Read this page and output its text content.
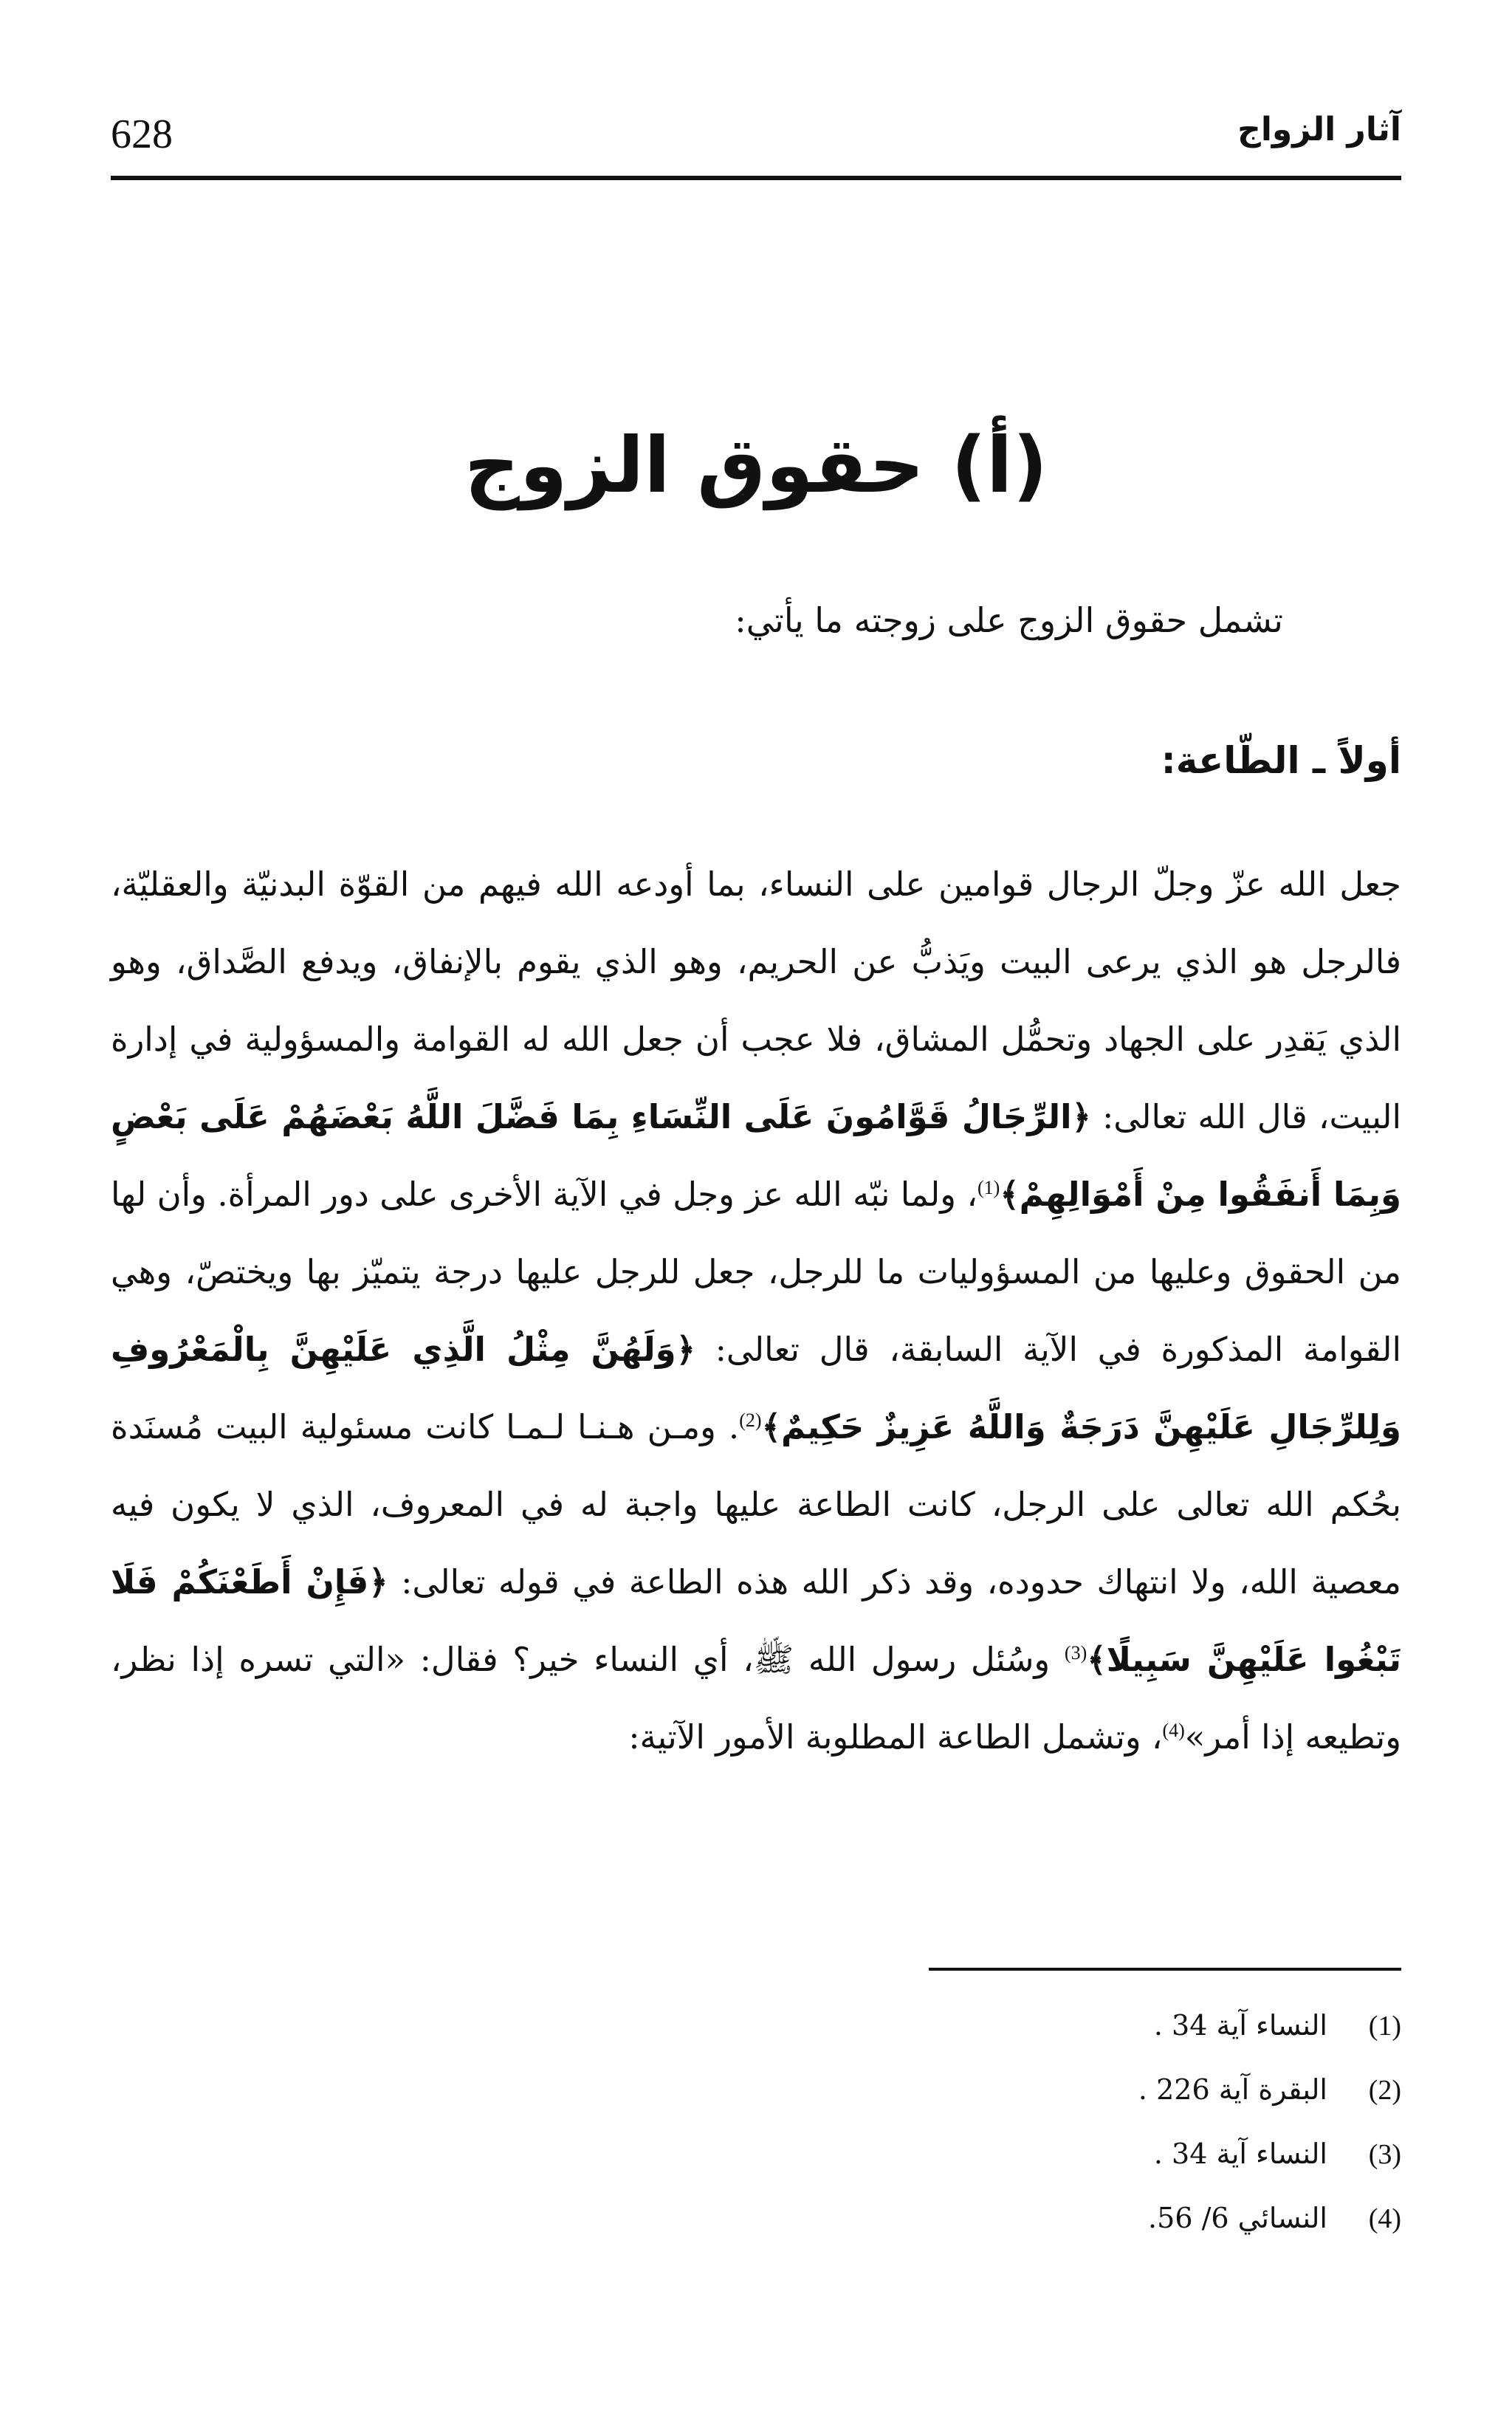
628	آثار الزواج
(أ) حقوق الزوج
تشمل حقوق الزوج على زوجته ما يأتي:
أولاً ـ الطّاعة:

جعل الله عزّ وجلّ الرجال قوامين على النساء، بما أودعه الله فيهم من القوّة البدنيّة والعقليّة، فالرجل هو الذي يرعى البيت ويَذبُّ عن الحريم، وهو الذي يقوم بالإنفاق، ويدفع الصَّداق، وهو الذي يَقدِر على الجهاد وتحمُّل المشاق، فلا عجب أن جعل الله له القوامة والمسؤولية في إدارة البيت، قال الله تعالى: ﴿الرِّجَالُ قَوَّامُونَ عَلَى النِّسَاءِ بِمَا فَضَّلَ اللَّهُ بَعْضَهُمْ عَلَى بَعْضٍ وَبِمَا أَنفَقُوا مِنْ أَمْوَالِهِمْ﴾$^{(1)}$، ولما نبّه الله عز وجل في الآية الأخرى على دور المرأة. وأن لها من الحقوق وعليها من المسؤوليات ما للرجل، جعل للرجل عليها درجة يتميّز بها ويختصّ، وهي القوامة المذكورة في الآية السابقة، قال تعالى: ﴿وَلَهُنَّ مِثْلُ الَّذِي عَلَيْهِنَّ بِالْمَعْرُوفِ وَلِلرِّجَالِ عَلَيْهِنَّ دَرَجَةٌ وَاللَّهُ عَزِيزٌ حَكِيمٌ﴾$^{(2)}$. ومـن هـنـا لـمـا كانت مسئولية البيت مُسنَدة بحُكم الله تعالى على الرجل، كانت الطاعة عليها واجبة له في المعروف، الذي لا يكون فيه معصية الله، ولا انتهاك حدوده، وقد ذكر الله هذه الطاعة في قوله تعالى: ﴿فَإِنْ أَطَعْنَكُمْ فَلَا تَبْغُوا عَلَيْهِنَّ سَبِيلًا﴾$^{(3)}$ وسُئل رسول الله ﷺ، أي النساء خير؟ فقال: «التي تسره إذا نظر، وتطيعه إذا أمر»$^{(4)}$، وتشمل الطاعة المطلوبة الأمور الآتية:

(1)
النساء آية 34 .
(2)
البقرة آية 226 .
(3)
النساء آية 34 .
(4)
النسائي 6/ 56.
